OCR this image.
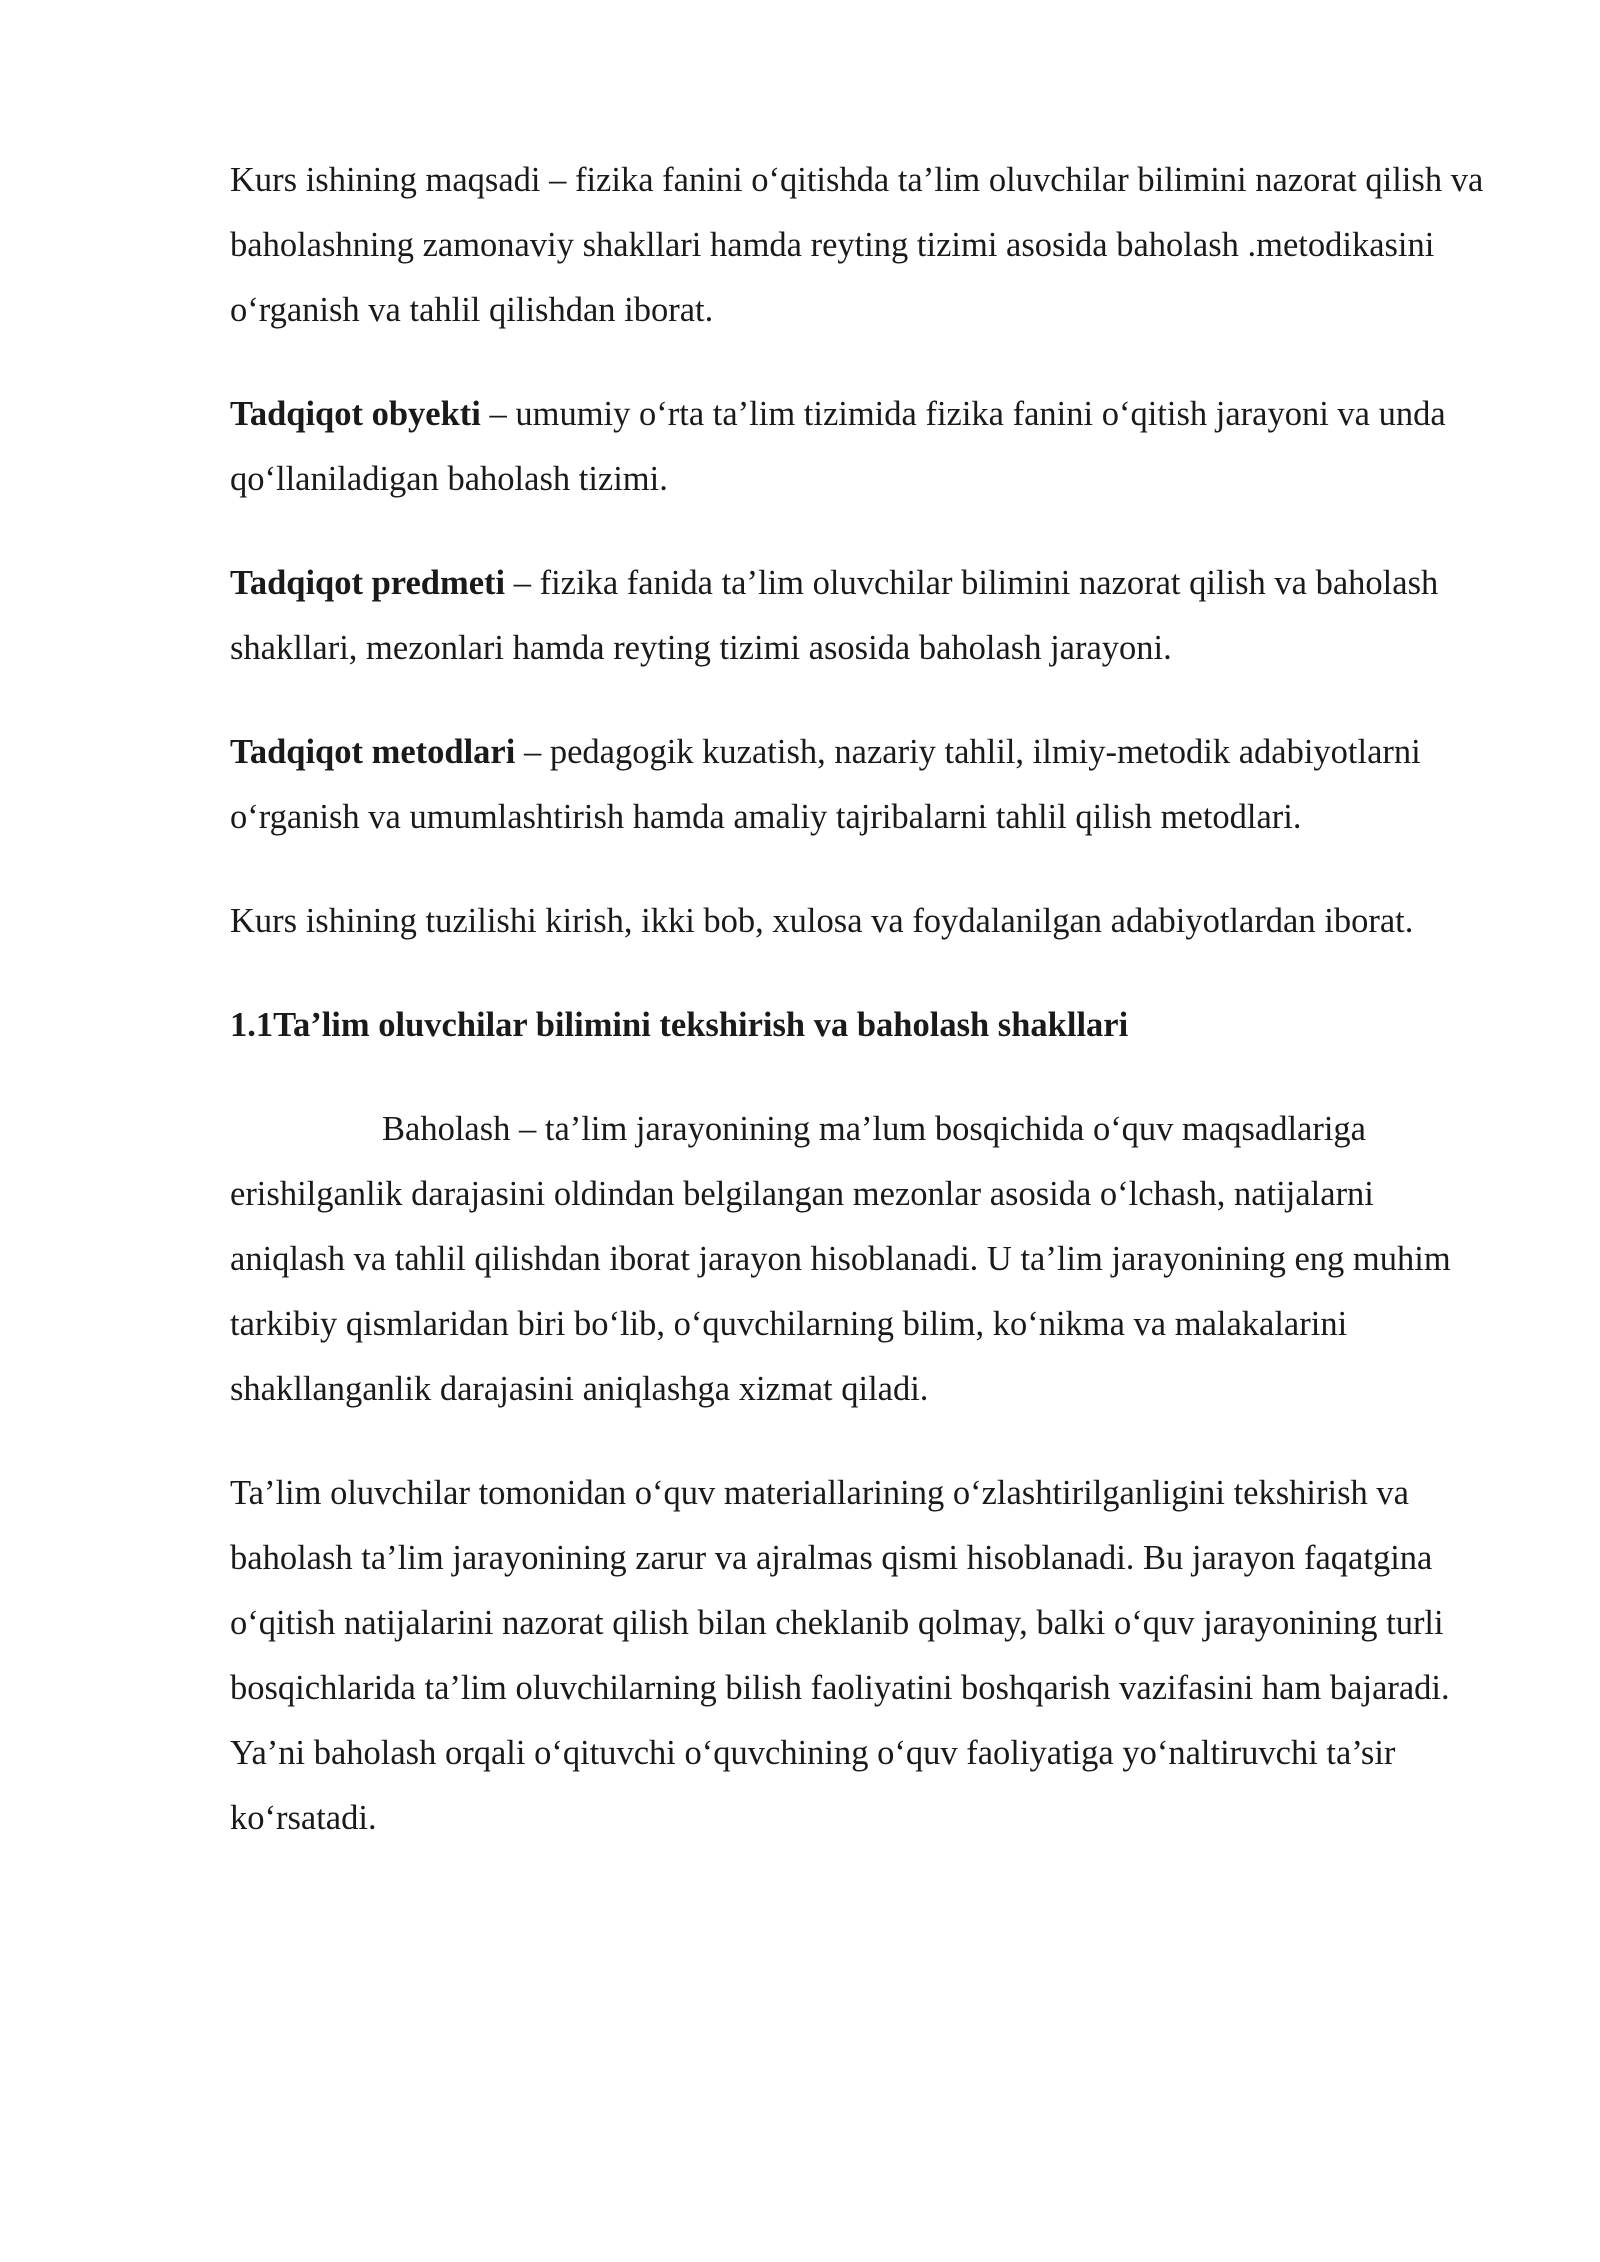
Kurs ishining maqsadi – fizika fanini o‘qitishda ta’lim oluvchilar bilimini nazorat qilish va baholashning zamonaviy shakllari hamda reyting tizimi asosida baholash .metodikasini o‘rganish va tahlil qilishdan iborat.

Tadqiqot obyekti – umumiy o‘rta ta’lim tizimida fizika fanini o‘qitish jarayoni va unda qo‘llaniladigan baholash tizimi.

Tadqiqot predmeti – fizika fanida ta’lim oluvchilar bilimini nazorat qilish va baholash shakllari, mezonlari hamda reyting tizimi asosida baholash jarayoni.

Tadqiqot metodlari – pedagogik kuzatish, nazariy tahlil, ilmiy-metodik adabiyotlarni o‘rganish va umumlashtirish hamda amaliy tajribalarni tahlil qilish metodlari.

Kurs ishining tuzilishi kirish, ikki bob, xulosa va foydalanilgan adabiyotlardan iborat.

1.1Ta’lim oluvchilar bilimini tekshirish va baholash shakllari

Baholash – ta’lim jarayonining ma’lum bosqichida o‘quv maqsadlariga erishilganlik darajasini oldindan belgilangan mezonlar asosida o‘lchash, natijalarni aniqlash va tahlil qilishdan iborat jarayon hisoblanadi. U ta’lim jarayonining eng muhim tarkibiy qismlaridan biri bo‘lib, o‘quvchilarning bilim, ko‘nikma va malakalarini shakllanganlik darajasini aniqlashga xizmat qiladi.

Ta’lim oluvchilar tomonidan o‘quv materiallarining o‘zlashtirilganligini tekshirish va baholash ta’lim jarayonining zarur va ajralmas qismi hisoblanadi. Bu jarayon faqatgina o‘qitish natijalarini nazorat qilish bilan cheklanib qolmay, balki o‘quv jarayonining turli bosqichlarida ta’lim oluvchilarning bilish faoliyatini boshqarish vazifasini ham bajaradi. Ya’ni baholash orqali o‘qituvchi o‘quvchining o‘quv faoliyatiga yo‘naltiruvchi ta’sir ko‘rsatadi.
